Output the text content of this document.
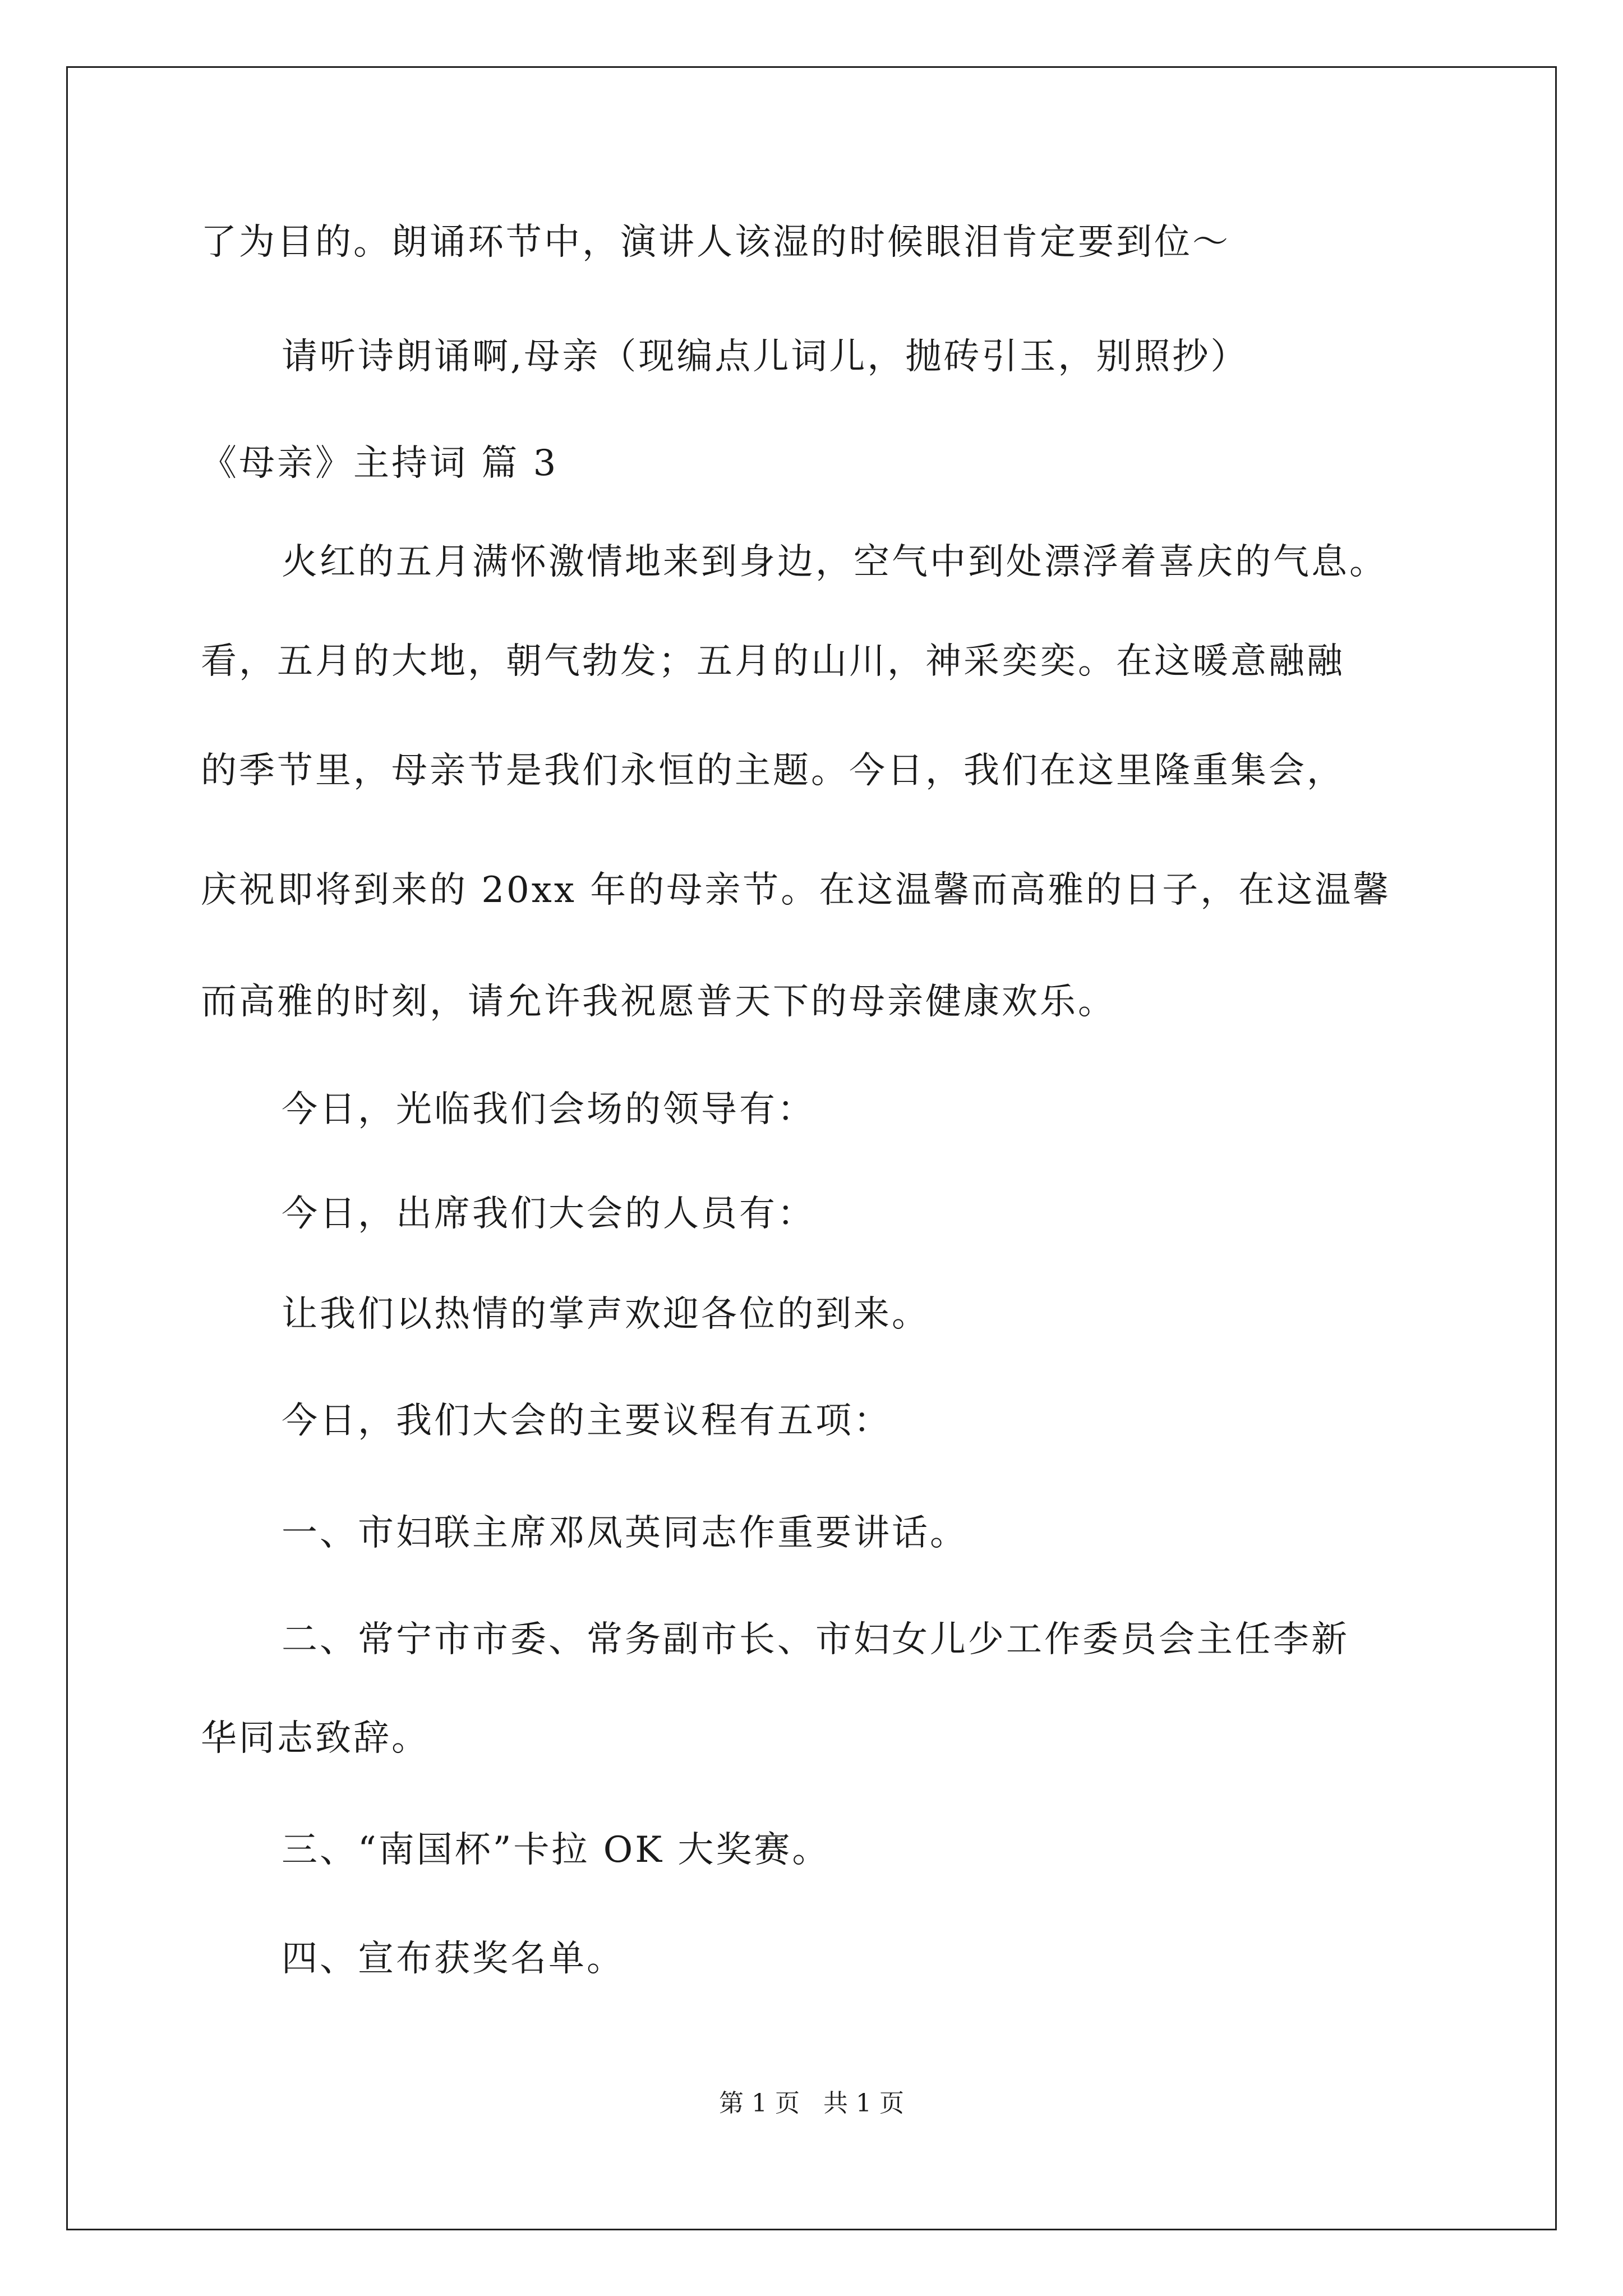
了为目的。朗诵环节中，演讲人该湿的时候眼泪肯定要到位～
请听诗朗诵啊,母亲（现编点儿词儿，抛砖引玉，别照抄）
《母亲》主持词 篇 3
火红的五月满怀激情地来到身边，空气中到处漂浮着喜庆的气息。
看，五月的大地，朝气勃发；五月的山川，神采奕奕。在这暖意融融
的季节里，母亲节是我们永恒的主题。今日，我们在这里隆重集会，
庆祝即将到来的 20xx 年的母亲节。在这温馨而高雅的日子，在这温馨
而高雅的时刻，请允许我祝愿普天下的母亲健康欢乐。
今日，光临我们会场的领导有：
今日，出席我们大会的人员有：
让我们以热情的掌声欢迎各位的到来。
今日，我们大会的主要议程有五项：
一、市妇联主席邓凤英同志作重要讲话。
二、常宁市市委、常务副市长、市妇女儿少工作委员会主任李新
华同志致辞。
三、“南国杯”卡拉 OK 大奖赛。
四、宣布获奖名单。
第 1 页   共 1 页
